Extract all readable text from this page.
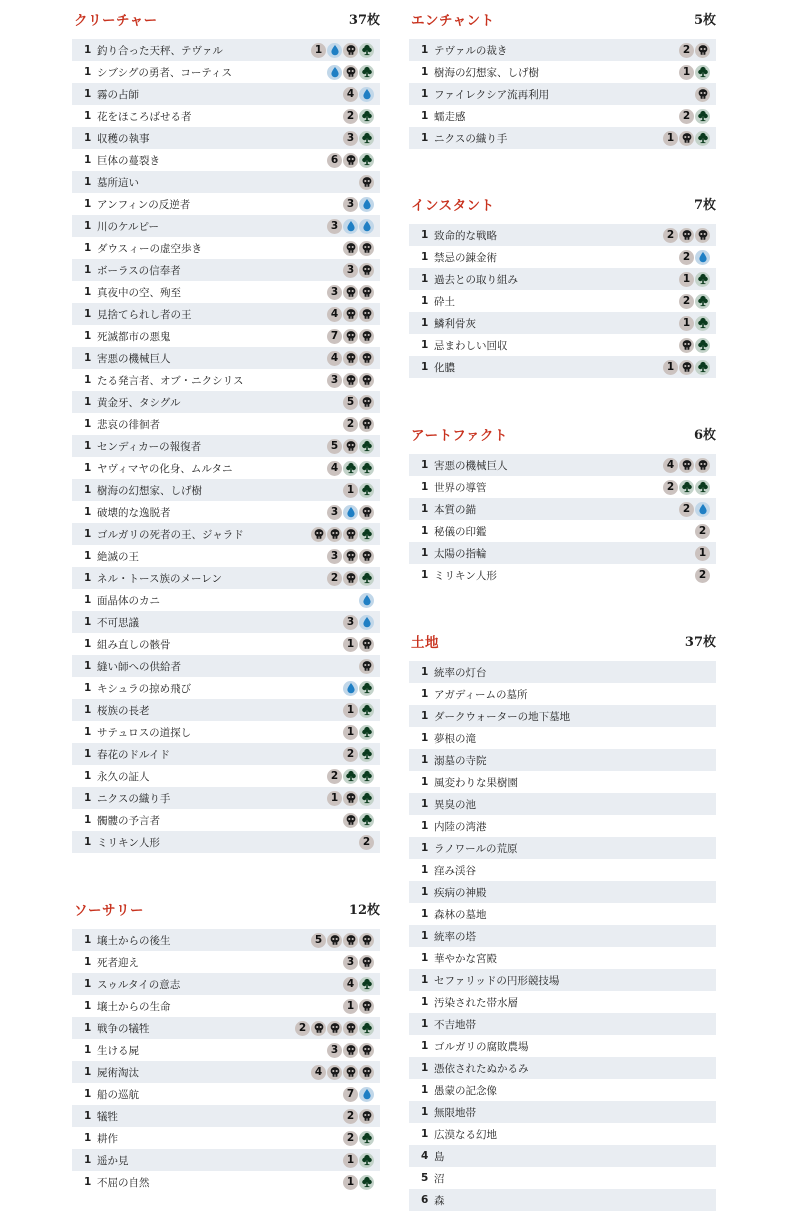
クリーチャー	37枚
1 釣り合った天秤、テヴァル	1
1 シブシグの勇者、コーティス
1 霧の占師	4
1 花をほころばせる者	2
1 収穫の執事	3
1 巨体の蔓裂き	6
1 墓所這い
1 アンフィンの反逆者	3
1 川のケルピー	3
1 ダウスィーの虚空歩き
1 ボーラスの信奉者	3
1 真夜中の空、殉至	3
1 見捨てられし者の王	4
1 死滅都市の悪鬼	7
1 害悪の機械巨人	4
1 たる発言者、オブ・ニクシリス	3
1 黄金牙、タシグル	5
1 悲哀の徘徊者	2
1 センディカーの報復者	5
1 ヤヴィマヤの化身、ムルタニ	4
1 樹海の幻想家、しげ樹	1
1 破壊的な逸脱者	3
1 ゴルガリの死者の王、ジャラド
1 絶滅の王	3
1 ネル・トース族のメーレン	2
1 面晶体のカニ
1 不可思議	3
1 組み直しの骸骨	1
1 縫い師への供給者
1 キシュラの掠め飛び
1 桜族の長老	1
1 サテュロスの道探し	1
1 春花のドルイド	2
1 永久の証人	2
1 ニクスの織り手	1
1 髑髏の予言者
1 ミリキン人形	2
ソーサリー	12枚
1 壌土からの後生	5
1 死者迎え	3
1 スゥルタイの意志	4
1 壌土からの生命	1
1 戦争の犠牲	2
1 生ける屍	3
1 屍術淘汰	4
1 船の巡航	7
1 犠牲	2
1 耕作	2
1 遥か見	1
1 不屈の自然	1
エンチャント	5枚
1 テヴァルの裁き	2
1 樹海の幻想家、しげ樹	1
1 ファイレクシア流再利用
1 蠕走感	2
1 ニクスの織り手	1
インスタント	7枚
1 致命的な戦略	2
1 禁忌の錬金術	2
1 過去との取り組み	1
1 砕土	2
1 鱗利骨灰	1
1 忌まわしい回収
1 化膿	1
アートファクト	6枚
1 害悪の機械巨人	4
1 世界の導管	2
1 本質の錨	2
1 秘儀の印鑑	2
1 太陽の指輪	1
1 ミリキン人形	2
土地	37枚
1 統率の灯台
1 アガディームの墓所
1 ダークウォーターの地下墓地
1 夢根の滝
1 溺墓の寺院
1 風変わりな果樹園
1 異臭の池
1 内陸の湾港
1 ラノワールの荒原
1 窪み渓谷
1 疾病の神殿
1 森林の墓地
1 統率の塔
1 華やかな宮殿
1 セファリッドの円形競技場
1 汚染された帯水層
1 不吉地帯
1 ゴルガリの腐敗農場
1 憑依されたぬかるみ
1 愚蒙の記念像
1 無限地帯
1 広漠なる幻地
4 島
5 沼
6 森
